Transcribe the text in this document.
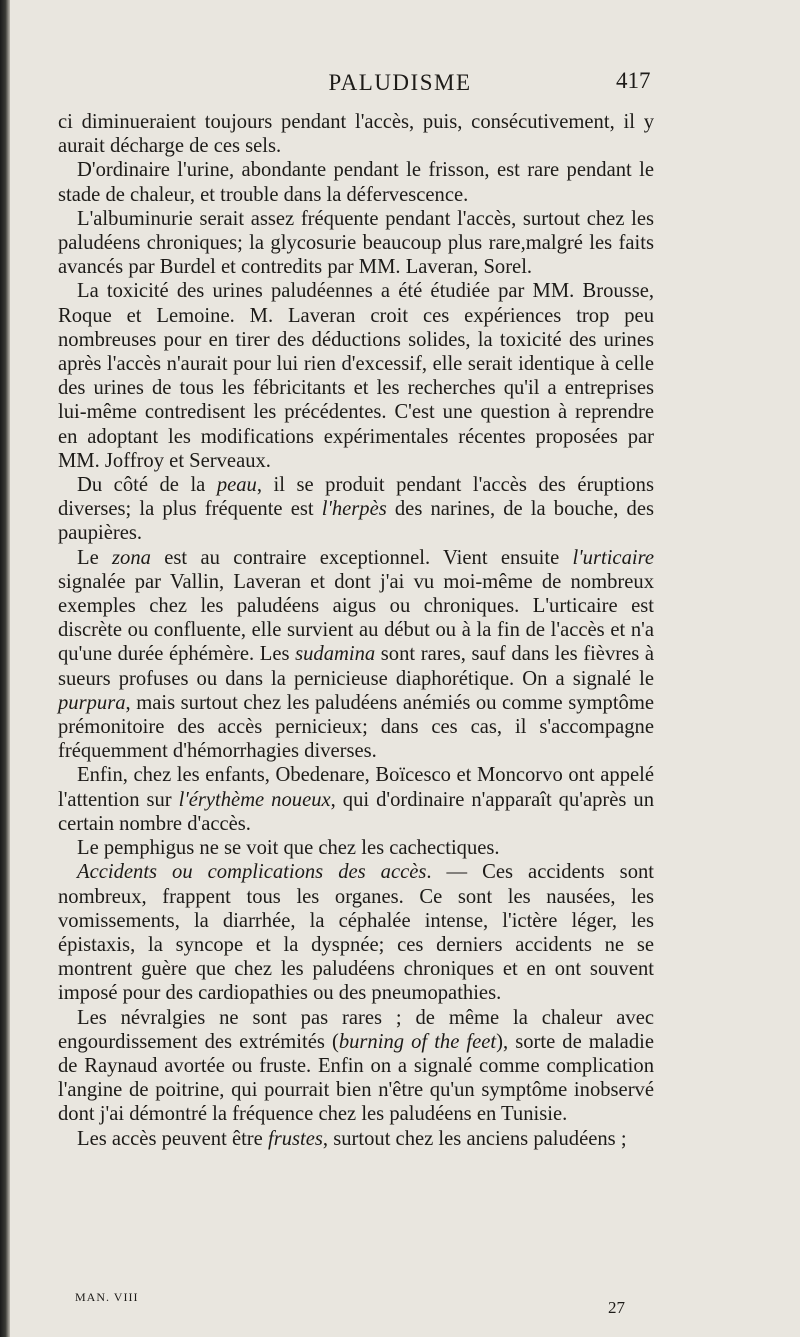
PALUDISME	417

ci diminueraient toujours pendant l'accès, puis, consécutivement, il y aurait décharge de ces sels.

D'ordinaire l'urine, abondante pendant le frisson, est rare pendant le stade de chaleur, et trouble dans la défervescence.

L'albuminurie serait assez fréquente pendant l'accès, surtout chez les paludéens chroniques; la glycosurie beaucoup plus rare,malgré les faits avancés par Burdel et contredits par MM. Laveran, Sorel.

La toxicité des urines paludéennes a été étudiée par MM. Brousse, Roque et Lemoine. M. Laveran croit ces expériences trop peu nombreuses pour en tirer des déductions solides, la toxicité des urines après l'accès n'aurait pour lui rien d'excessif, elle serait identique à celle des urines de tous les fébricitants et les recherches qu'il a entreprises lui-même contredisent les précédentes. C'est une question à reprendre en adoptant les modifications expérimentales récentes proposées par MM. Joffroy et Serveaux.

Du côté de la peau, il se produit pendant l'accès des éruptions diverses; la plus fréquente est l'herpès des narines, de la bouche, des paupières.

Le zona est au contraire exceptionnel. Vient ensuite l'urticaire signalée par Vallin, Laveran et dont j'ai vu moi-même de nombreux exemples chez les paludéens aigus ou chroniques. L'urticaire est discrète ou confluente, elle survient au début ou à la fin de l'accès et n'a qu'une durée éphémère. Les sudamina sont rares, sauf dans les fièvres à sueurs profuses ou dans la pernicieuse diaphorétique. On a signalé le purpura, mais surtout chez les paludéens anémiés ou comme symptôme prémonitoire des accès pernicieux; dans ces cas, il s'accompagne fréquemment d'hémorrhagies diverses.

Enfin, chez les enfants, Obedenare, Boïcesco et Moncorvo ont appelé l'attention sur l'érythème noueux, qui d'ordinaire n'apparaît qu'après un certain nombre d'accès.

Le pemphigus ne se voit que chez les cachectiques.

Accidents ou complications des accès. — Ces accidents sont nombreux, frappent tous les organes. Ce sont les nausées, les vomissements, la diarrhée, la céphalée intense, l'ictère léger, les épistaxis, la syncope et la dyspnée; ces derniers accidents ne se montrent guère que chez les paludéens chroniques et en ont souvent imposé pour des cardiopathies ou des pneumopathies.

Les névralgies ne sont pas rares ; de même la chaleur avec engourdissement des extrémités (burning of the feet), sorte de maladie de Raynaud avortée ou fruste. Enfin on a signalé comme complication l'angine de poitrine, qui pourrait bien n'être qu'un symptôme inobservé dont j'ai démontré la fréquence chez les paludéens en Tunisie.

Les accès peuvent être frustes, surtout chez les anciens paludéens ;

MAN. VIII
27
